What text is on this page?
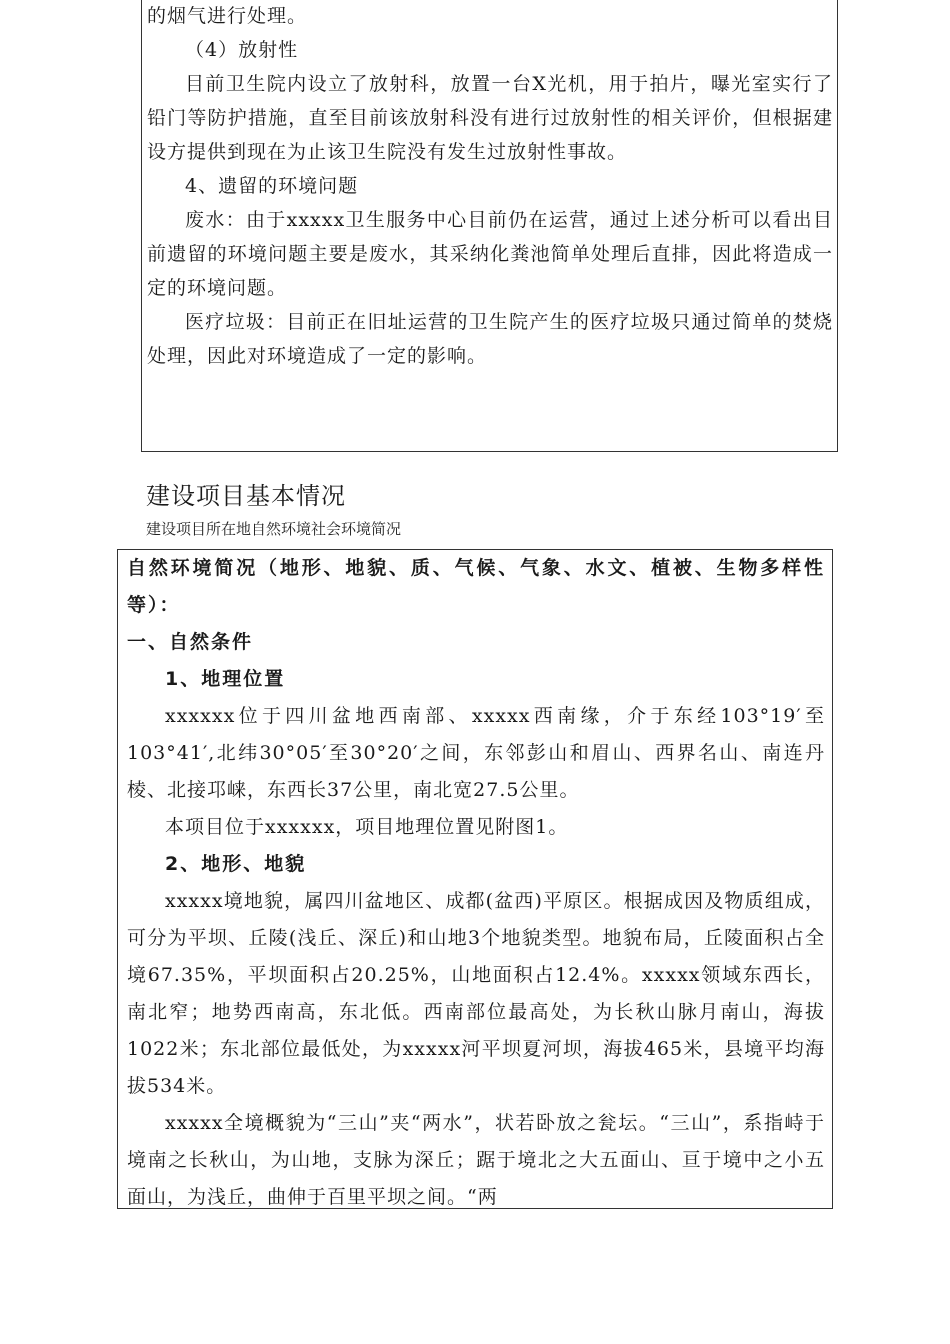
的烟气进行处理。

（4）放射性

目前卫生院内设立了放射科，放置一台X光机，用于拍片，曝光室实行了铅门等防护措施，直至目前该放射科没有进行过放射性的相关评价，但根据建设方提供到现在为止该卫生院没有发生过放射性事故。

4、遗留的环境问题

废水：由于xxxxx卫生服务中心目前仍在运营，通过上述分析可以看出目前遗留的环境问题主要是废水，其采纳化粪池简单处理后直排，因此将造成一定的环境问题。

医疗垃圾：目前正在旧址运营的卫生院产生的医疗垃圾只通过简单的焚烧处理，因此对环境造成了一定的影响。

建设项目基本情况

建设项目所在地自然环境社会环境简况

自然环境简况（地形、地貌、质、气候、气象、水文、植被、生物多样性等）：

一、自然条件

1、地理位置

xxxxxx位于四川盆地西南部、xxxxx西南缘，介于东经103°19′至103°41′,北纬30°05′至30°20′之间，东邻彭山和眉山、西界名山、南连丹棱、北接邛崃，东西长37公里，南北宽27.5公里。

本项目位于xxxxxx，项目地理位置见附图1。

2、地形、地貌

xxxxx境地貌，属四川盆地区、成都(盆西)平原区。根据成因及物质组成，可分为平坝、丘陵(浅丘、深丘)和山地3个地貌类型。地貌布局，丘陵面积占全境67.35%，平坝面积占20.25%，山地面积占12.4%。xxxxx领域东西长，南北窄；地势西南高，东北低。西南部位最高处，为长秋山脉月南山，海拔1022米；东北部位最低处，为xxxxx河平坝夏河坝，海拔465米，县境平均海拔534米。

xxxxx全境概貌为“三山”夹“两水”，状若卧放之瓮坛。“三山”，系指峙于境南之长秋山，为山地，支脉为深丘；踞于境北之大五面山、亘于境中之小五面山，为浅丘，曲伸于百里平坝之间。“两
